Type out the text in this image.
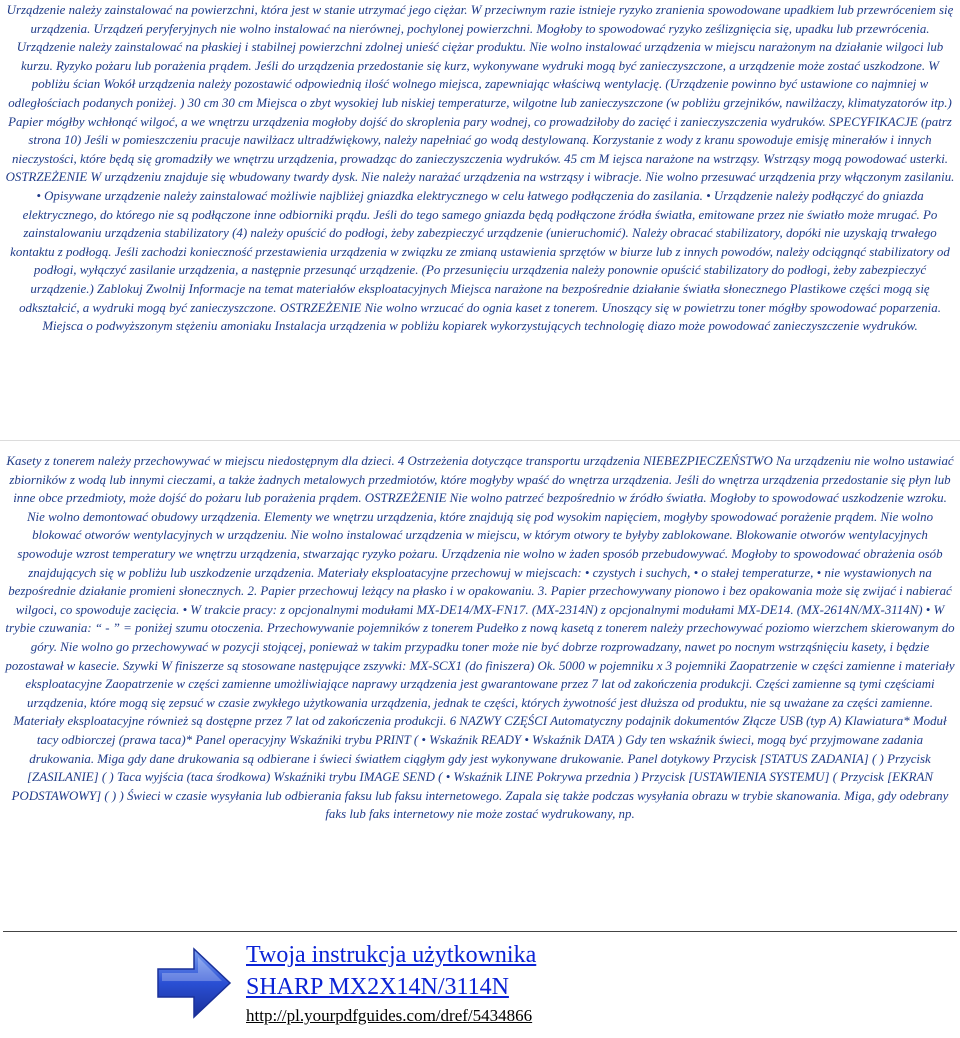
Urządzenie należy zainstalować na powierzchni, która jest w stanie utrzymać jego ciężar. W przeciwnym razie istnieje ryzyko zranienia spowodowane upadkiem lub przewróceniem się urządzenia. Urządzeń peryferyjnych nie wolno instalować na nierównej, pochylonej powierzchni. Mogłoby to spowodować ryzyko ześlizgnięcia się, upadku lub przewrócenia. Urządzenie należy zainstalować na płaskiej i stabilnej powierzchni zdolnej unieść ciężar produktu. Nie wolno instalować urządzenia w miejscu narażonym na działanie wilgoci lub kurzu. Ryzyko pożaru lub porażenia prądem. Jeśli do urządzenia przedostanie się kurz, wykonywane wydruki mogą być zanieczyszczone, a urządzenie może zostać uszkodzone. W pobliżu ścian Wokół urządzenia należy pozostawić odpowiednią ilość wolnego miejsca, zapewniając właściwą wentylację. (Urządzenie powinno być ustawione co najmniej w odległościach podanych poniżej. ) 30 cm 30 cm Miejsca o zbyt wysokiej lub niskiej temperaturze, wilgotne lub zanieczyszczone (w pobliżu grzejników, nawilżaczy, klimatyzatorów itp.) Papier mógłby wchłonąć wilgoć, a we wnętrzu urządzenia mogłoby dojść do skroplenia pary wodnej, co prowadziłoby do zacięć i zanieczyszczenia wydruków. SPECYFIKACJE (patrz strona 10) Jeśli w pomieszczeniu pracuje nawilżacz ultradźwiękowy, należy napełniać go wodą destylowaną. Korzystanie z wody z kranu spowoduje emisję minerałów i innych nieczystości, które będą się gromadziły we wnętrzu urządzenia, prowadząc do zanieczyszczenia wydruków. 45 cm M iejsca narażone na wstrząsy. Wstrząsy mogą powodować usterki. OSTRZEŻENIE W urządzeniu znajduje się wbudowany twardy dysk. Nie należy narażać urządzenia na wstrząsy i wibracje. Nie wolno przesuwać urządzenia przy włączonym zasilaniu. • Opisywane urządzenie należy zainstalować możliwie najbliżej gniazdka elektrycznego w celu łatwego podłączenia do zasilania. • Urządzenie należy podłączyć do gniazda elektrycznego, do którego nie są podłączone inne odbiorniki prądu. Jeśli do tego samego gniazda będą podłączone źródła światła, emitowane przez nie światło może mrugać. Po zainstalowaniu urządzenia stabilizatory (4) należy opuścić do podłogi, żeby zabezpieczyć urządzenie (unieruchomić). Należy obracać stabilizatory, dopóki nie uzyskają trwałego kontaktu z podłogą. Jeśli zachodzi konieczność przestawienia urządzenia w związku ze zmianą ustawienia sprzętów w biurze lub z innych powodów, należy odciągnąć stabilizatory od podłogi, wyłączyć zasilanie urządzenia, a następnie przesunąć urządzenie. (Po przesunięciu urządzenia należy ponownie opuścić stabilizatory do podłogi, żeby zabezpieczyć urządzenie.) Zablokuj Zwolnij Informacje na temat materiałów eksploatacyjnych Miejsca narażone na bezpośrednie działanie światła słonecznego Plastikowe części mogą się odkształcić, a wydruki mogą być zanieczyszczone. OSTRZEŻENIE Nie wolno wrzucać do ognia kaset z tonerem. Unoszący się w powietrzu toner mógłby spowodować poparzenia. Miejsca o podwyższonym stężeniu amoniaku Instalacja urządzenia w pobliżu kopiarek wykorzystujących technologię diazo może powodować zanieczyszczenie wydruków.
Kasety z tonerem należy przechowywać w miejscu niedostępnym dla dzieci. 4 Ostrzeżenia dotyczące transportu urządzenia NIEBEZPIECZEŃSTWO Na urządzeniu nie wolno ustawiać zbiorników z wodą lub innymi cieczami, a także żadnych metalowych przedmiotów, które mogłyby wpaść do wnętrza urządzenia. Jeśli do wnętrza urządzenia przedostanie się płyn lub inne obce przedmioty, może dojść do pożaru lub porażenia prądem. OSTRZEŻENIE Nie wolno patrzeć bezpośrednio w źródło światła. Mogłoby to spowodować uszkodzenie wzroku. Nie wolno demontować obudowy urządzenia. Elementy we wnętrzu urządzenia, które znajdują się pod wysokim napięciem, mogłyby spowodować porażenie prądem. Nie wolno blokować otworów wentylacyjnych w urządzeniu. Nie wolno instalować urządzenia w miejscu, w którym otwory te byłyby zablokowane. Blokowanie otworów wentylacyjnych spowoduje wzrost temperatury we wnętrzu urządzenia, stwarzając ryzyko pożaru. Urządzenia nie wolno w żaden sposób przebudowywać. Mogłoby to spowodować obrażenia osób znajdujących się w pobliżu lub uszkodzenie urządzenia. Materiały eksploatacyjne przechowuj w miejscach: • czystych i suchych, • o stałej temperaturze, • nie wystawionych na bezpośrednie działanie promieni słonecznych. 2. Papier przechowuj leżący na płasko i w opakowaniu. 3. Papier przechowywany pionowo i bez opakowania może się zwijać i nabierać wilgoci, co spowoduje zacięcia. • W trakcie pracy: z opcjonalnymi modułami MX-DE14/MX-FN17. (MX-2314N) z opcjonalnymi modułami MX-DE14. (MX-2614N/MX-3114N) • W trybie czuwania: “ - ” = poniżej szumu otoczenia. Przechowywanie pojemników z tonerem Pudełko z nową kasetą z tonerem należy przechowywać poziomo wierzchem skierowanym do góry. Nie wolno go przechowywać w pozycji stojącej, ponieważ w takim przypadku toner może nie być dobrze rozprowadzany, nawet po nocnym wstrząśnięciu kasety, i będzie pozostawał w kasecie. Szywki W finiszerze są stosowane następujące zszywki: MX-SCX1 (do finiszera) Ok. 5000 w pojemniku x 3 pojemniki Zaopatrzenie w części zamienne i materiały eksploatacyjne Zaopatrzenie w części zamienne umożliwiające naprawy urządzenia jest gwarantowane przez 7 lat od zakończenia produkcji. Części zamienne są tymi częściami urządzenia, które mogą się zepsuć w czasie zwykłego użytkowania urządzenia, jednak te części, których żywotność jest dłuższa od produktu, nie są uważane za części zamienne. Materiały eksploatacyjne również są dostępne przez 7 lat od zakończenia produkcji. 6 NAZWY CZĘŚCI Automatyczny podajnik dokumentów Złącze USB (typ A) Klawiatura* Moduł tacy odbiorczej (prawa taca)* Panel operacyjny Wskaźniki trybu PRINT ( • Wskaźnik READY • Wskaźnik DATA ) Gdy ten wskaźnik świeci, mogą być przyjmowane zadania drukowania. Miga gdy dane drukowania są odbierane i świeci światłem ciągłym gdy jest wykonywane drukowanie. Panel dotykowy Przycisk [STATUS ZADANIA] ( ) Przycisk [ZASILANIE] ( ) Taca wyjścia (taca środkowa) Wskaźniki trybu IMAGE SEND ( • Wskaźnik LINE Pokrywa przednia ) Przycisk [USTAWIENIA SYSTEMU] ( Przycisk [EKRAN PODSTAWOWY] ( ) ) Świeci w czasie wysyłania lub odbierania faksu lub faksu internetowego. Zapala się także podczas wysyłania obrazu w trybie skanowania. Miga, gdy odebrany faks lub faks internetowy nie może zostać wydrukowany, np.
Twoja instrukcja użytkownika
SHARP MX2X14N/3114N
http://pl.yourpdfguides.com/dref/5434866
